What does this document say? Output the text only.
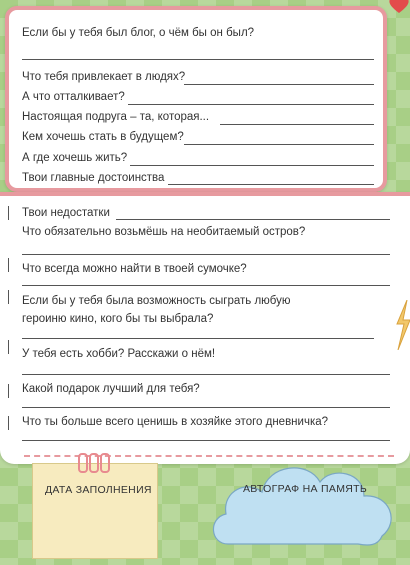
Если бы у тебя был блог, о чём бы он был?
Что тебя привлекает в людях?
А что отталкивает?
Настоящая подруга – та, которая...
Кем хочешь стать в будущем?
А где хочешь жить?
Твои главные достоинства
Твои недостатки
Что обязательно возьмёшь на необитаемый остров?
Что всегда можно найти в твоей сумочке?
Если бы у тебя была возможность сыграть любую
героиню кино, кого бы ты выбрала?
У тебя есть хобби? Расскажи о нём!
Какой подарок лучший для тебя?
Что ты больше всего ценишь в хозяйке этого дневничка?
ДАТА ЗАПОЛНЕНИЯ	АВТОГРАФ НА ПАМЯТЬ
